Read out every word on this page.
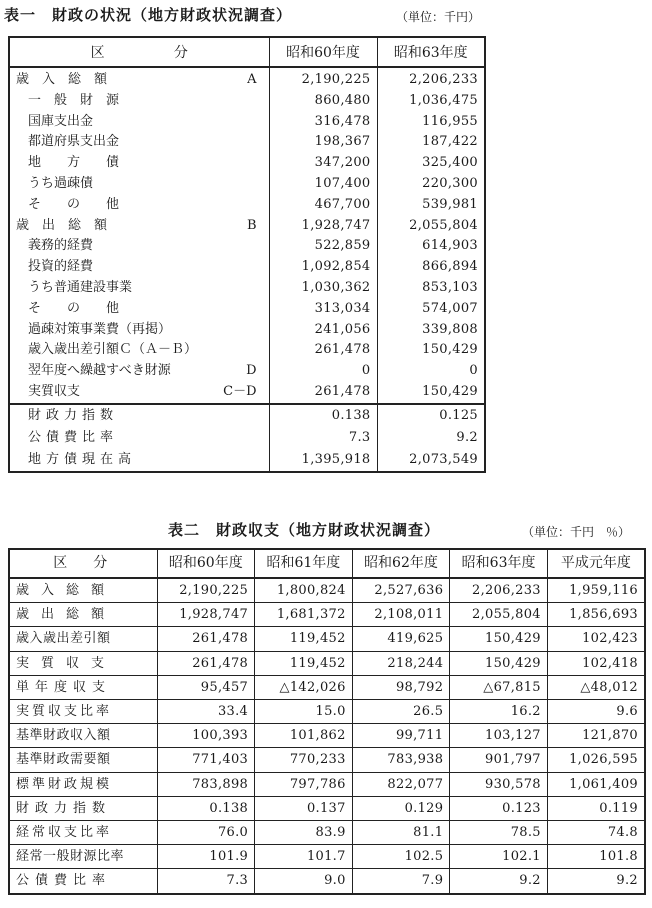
表一　財政の状況（地方財政状況調査）	（単位：千円）
区 分	昭和60年度	昭和63年度

歳　入　総　額 A	2,190,225	2,206,233

一　般　財　源	860,480	1,036,475

国庫支出金	316,478	116,955

都道府県支出金	198,367	187,422

地　　方　　債	347,200	325,400

うち過疎債	107,400	220,300

そ　　の　　他	467,700	539,981

歳　出　総　額 B	1,928,747	2,055,804

義務的経費	522,859	614,903

投資的経費	1,092,854	866,894

うち普通建設事業	1,030,362	853,103

そ　　の　　他	313,034	574,007

過疎対策事業費（再掲）	241,056	339,808

歳入歳出差引額Ｃ（Ａ－Ｂ）	261,478	150,429

翌年度へ繰越すべき財源 D	0	0

実質収支 C－D	261,478	150,429
財政力指数	0.138	0.125
公債費比率	7.3	9.2
地方債現在高	1,395,918	2,073,549
表二　財政収支（地方財政状況調査）	（単位：千円　％）
区　分	昭和60年度	昭和61年度	昭和62年度	昭和63年度	平成元年度
歳入総額	2,190,225	1,800,824	2,527,636	2,206,233	1,959,116
歳出総額	1,928,747	1,681,372	2,108,011	2,055,804	1,856,693
歳入歳出差引額	261,478	119,452	419,625	150,429	102,423
実質収支	261,478	119,452	218,244	150,429	102,418
単年度収支	95,457	△142,026	98,792	△67,815	△48,012
実質収支比率	33.4	15.0	26.5	16.2	9.6
基準財政収入額	100,393	101,862	99,711	103,127	121,870
基準財政需要額	771,403	770,233	783,938	901,797	1,026,595
標準財政規模	783,898	797,786	822,077	930,578	1,061,409
財政力指数	0.138	0.137	0.129	0.123	0.119
経常収支比率	76.0	83.9	81.1	78.5	74.8
経常一般財源比率	101.9	101.7	102.5	102.1	101.8
公債費比率	7.3	9.0	7.9	9.2	9.2
